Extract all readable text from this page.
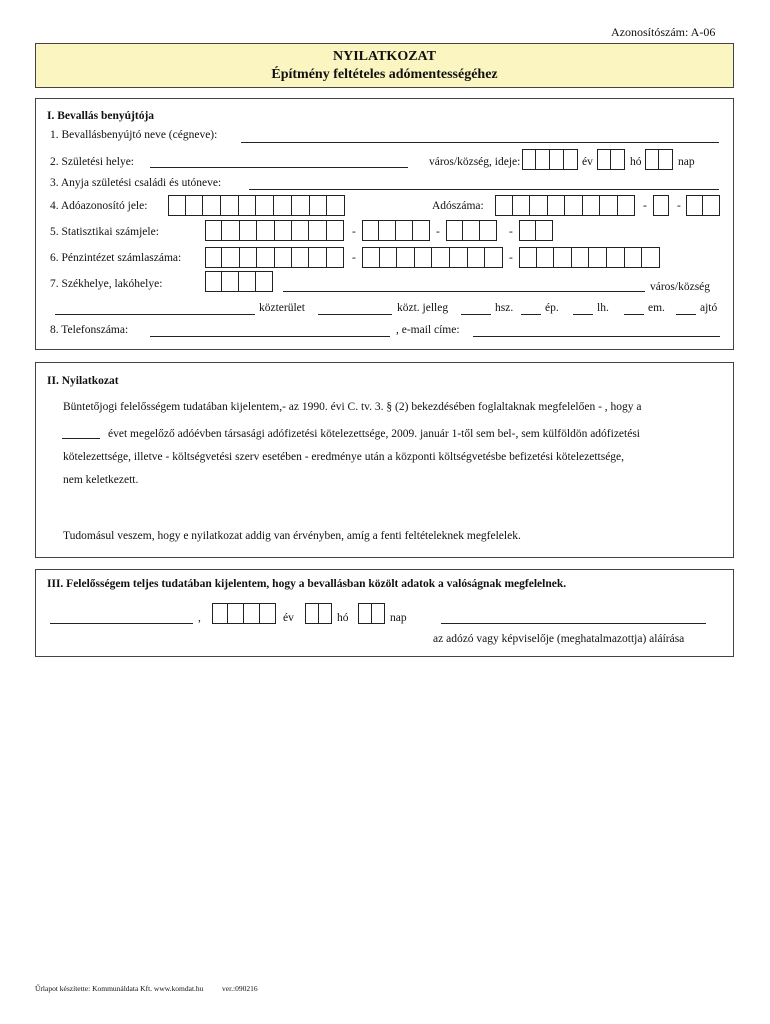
Azonosítószám: A-06
NYILATKOZAT
Építmény feltételes adómentességéhez
I. Bevallás benyújtója
1. Bevallásbenyújtó neve (cégneve):
2. Születési helye:	város/község, ideje:	év	hó	nap
3. Anyja születési családi és utóneve:
4. Adóazonosító jele:	Adószáma:	-	-
5. Statisztikai számjele:	-	-	-
6. Pénzintézet számlaszáma:	-	-
7. Székhelye, lakóhelye:	város/község
közterület	közt. jelleg	hsz.	ép.	lh.	em.	ajtó
8. Telefonszáma:	, e-mail címe:
II. Nyilatkozat
Büntetőjogi felelősségem tudatában kijelentem,- az 1990. évi C. tv. 3. § (2) bekezdésében foglaltaknak megfelelően - , hogy a
évet megelőző adóévben társasági adófizetési kötelezettsége, 2009. január 1-től sem bel-, sem külföldön adófizetési
kötelezettsége, illetve - költségvetési szerv esetében - eredménye után a központi költségvetésbe befizetési kötelezettsége,
nem keletkezett.
Tudomásul veszem, hogy e nyilatkozat addig van érvényben, amíg a fenti feltételeknek megfelelek.
III. Felelősségem teljes tudatában kijelentem, hogy a bevallásban közölt adatok a valóságnak megfelelnek.
,	év	hó	nap
az adózó vagy képviselője (meghatalmazottja) aláírása
Űrlapot készítette: Kommunáldata Kft. www.komdat.hu ver.:090216
